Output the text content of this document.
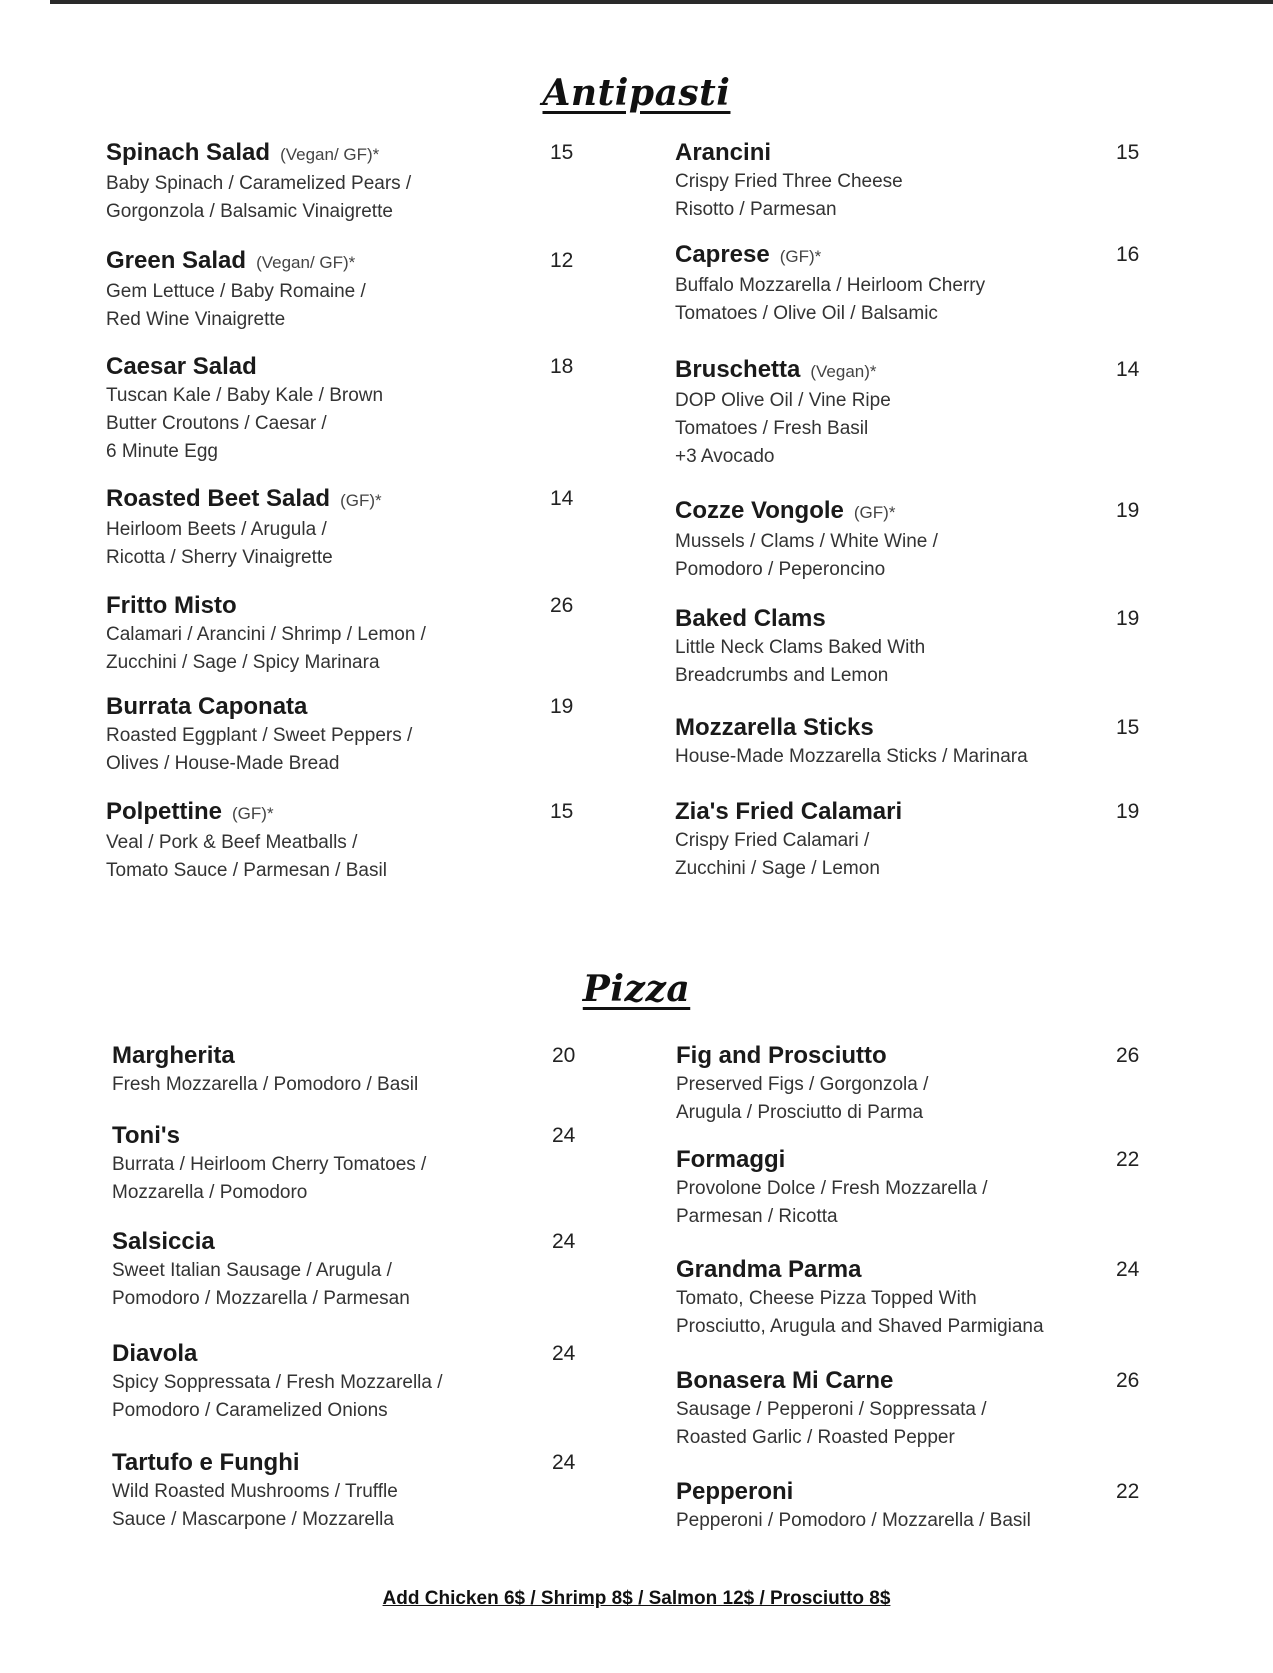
Antipasti
Pizza
Spinach Salad (Vegan/ GF)*
Baby Spinach / Caramelized Pears /
Gorgonzola / Balsamic Vinaigrette
15
Green Salad (Vegan/ GF)*
Gem Lettuce / Baby Romaine /
Red Wine Vinaigrette
12
Caesar Salad
Tuscan Kale / Baby Kale / Brown
Butter Croutons / Caesar /
6 Minute Egg
18
Roasted Beet Salad (GF)*
Heirloom Beets / Arugula /
Ricotta / Sherry Vinaigrette
14
Fritto Misto
Calamari / Arancini / Shrimp / Lemon /
Zucchini / Sage / Spicy Marinara
26
Burrata Caponata
Roasted Eggplant / Sweet Peppers /
Olives / House-Made Bread
19
Polpettine (GF)*
Veal / Pork & Beef Meatballs /
Tomato Sauce / Parmesan / Basil
15
Arancini
Crispy Fried Three Cheese
Risotto / Parmesan
15
Caprese (GF)*
Buffalo Mozzarella / Heirloom Cherry
Tomatoes / Olive Oil / Balsamic
16
Bruschetta (Vegan)*
DOP Olive Oil / Vine Ripe
Tomatoes / Fresh Basil
+3 Avocado
14
Cozze Vongole (GF)*
Mussels / Clams / White Wine /
Pomodoro / Peperoncino
19
Baked Clams
Little Neck Clams Baked With
Breadcrumbs and Lemon
19
Mozzarella Sticks
House-Made Mozzarella Sticks / Marinara
15
Zia's Fried Calamari
Crispy Fried Calamari /
Zucchini / Sage / Lemon
19
Margherita
Fresh Mozzarella / Pomodoro / Basil
20
Toni's
Burrata / Heirloom Cherry Tomatoes /
Mozzarella / Pomodoro
24
Salsiccia
Sweet Italian Sausage / Arugula /
Pomodoro / Mozzarella / Parmesan
24
Diavola
Spicy Soppressata / Fresh Mozzarella /
Pomodoro / Caramelized Onions
24
Tartufo e Funghi
Wild Roasted Mushrooms / Truffle
Sauce / Mascarpone / Mozzarella
24
Fig and Prosciutto
Preserved Figs / Gorgonzola /
Arugula / Prosciutto di Parma
26
Formaggi
Provolone Dolce / Fresh Mozzarella /
Parmesan / Ricotta
22
Grandma Parma
Tomato, Cheese Pizza Topped With
Prosciutto, Arugula and Shaved Parmigiana
24
Bonasera Mi Carne
Sausage / Pepperoni / Soppressata /
Roasted Garlic / Roasted Pepper
26
Pepperoni
Pepperoni / Pomodoro / Mozzarella / Basil
22
Add Chicken 6$ / Shrimp 8$ / Salmon 12$ / Prosciutto 8$
